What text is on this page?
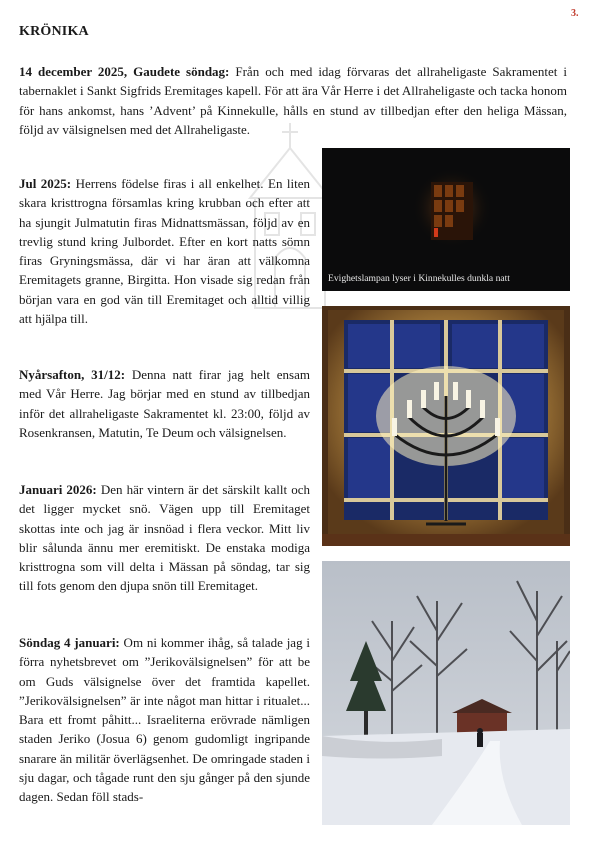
3.
KRÖNIKA

14 december 2025, Gaudete söndag: Från och med idag förvaras det allraheligaste Sakramentet i tabernaklet i Sankt Sigfrids Eremitages kapell. För att ära Vår Herre i det Allraheligaste och tacka honom för hans ankomst, hans ’Advent’ på Kinnekulle, hålls en stund av tillbedjan efter den heliga Mässan, följd av välsignelsen med det Allraheligaste.

Jul 2025: Herrens födelse firas i all enkelhet. En liten skara kristtrogna församlas kring krubban och efter att ha sjungit Julmatutin firas Midnattsmässan, följd av en trevlig stund kring Julbordet. Efter en kort natts sömn firas Gryningsmässa, där vi har äran att välkomna Eremitagets granne, Birgitta. Hon visade sig redan från början vara en god vän till Eremitaget och alltid villig att hjälpa till.

Nyårsafton, 31/12: Denna natt firar jag helt ensam med Vår Herre. Jag börjar med en stund av tillbedjan inför det allraheligaste Sakramentet kl. 23:00, följd av Rosenkransen, Matutin, Te Deum och välsignelsen.

Januari 2026: Den här vintern är det särskilt kallt och det ligger mycket snö. Vägen upp till Eremitaget skottas inte och jag är insnöad i flera veckor. Mitt liv blir sålunda ännu mer eremitiskt. De enstaka modiga kristtrogna som vill delta i Mässan på söndag, tar sig till fots genom den djupa snön till Eremitaget.

Söndag 4 januari: Om ni kommer ihåg, så talade jag i förra nyhetsbrevet om ”Jerikovälsignelsen” för att be om Guds välsignelse över det framtida kapellet. ”Jerikovälsignelsen” är inte något man hittar i ritualet... Bara ett fromt påhitt... Israeliterna erövrade nämligen staden Jeriko (Josua 6) genom gudomligt ingripande snarare än militär överlägsenhet. De omringade staden i sju dagar, och tågade runt den sju gånger på den sjunde dagen. Sedan föll stads-

Evighetslampan lyser i Kinnekulles dunkla natt
